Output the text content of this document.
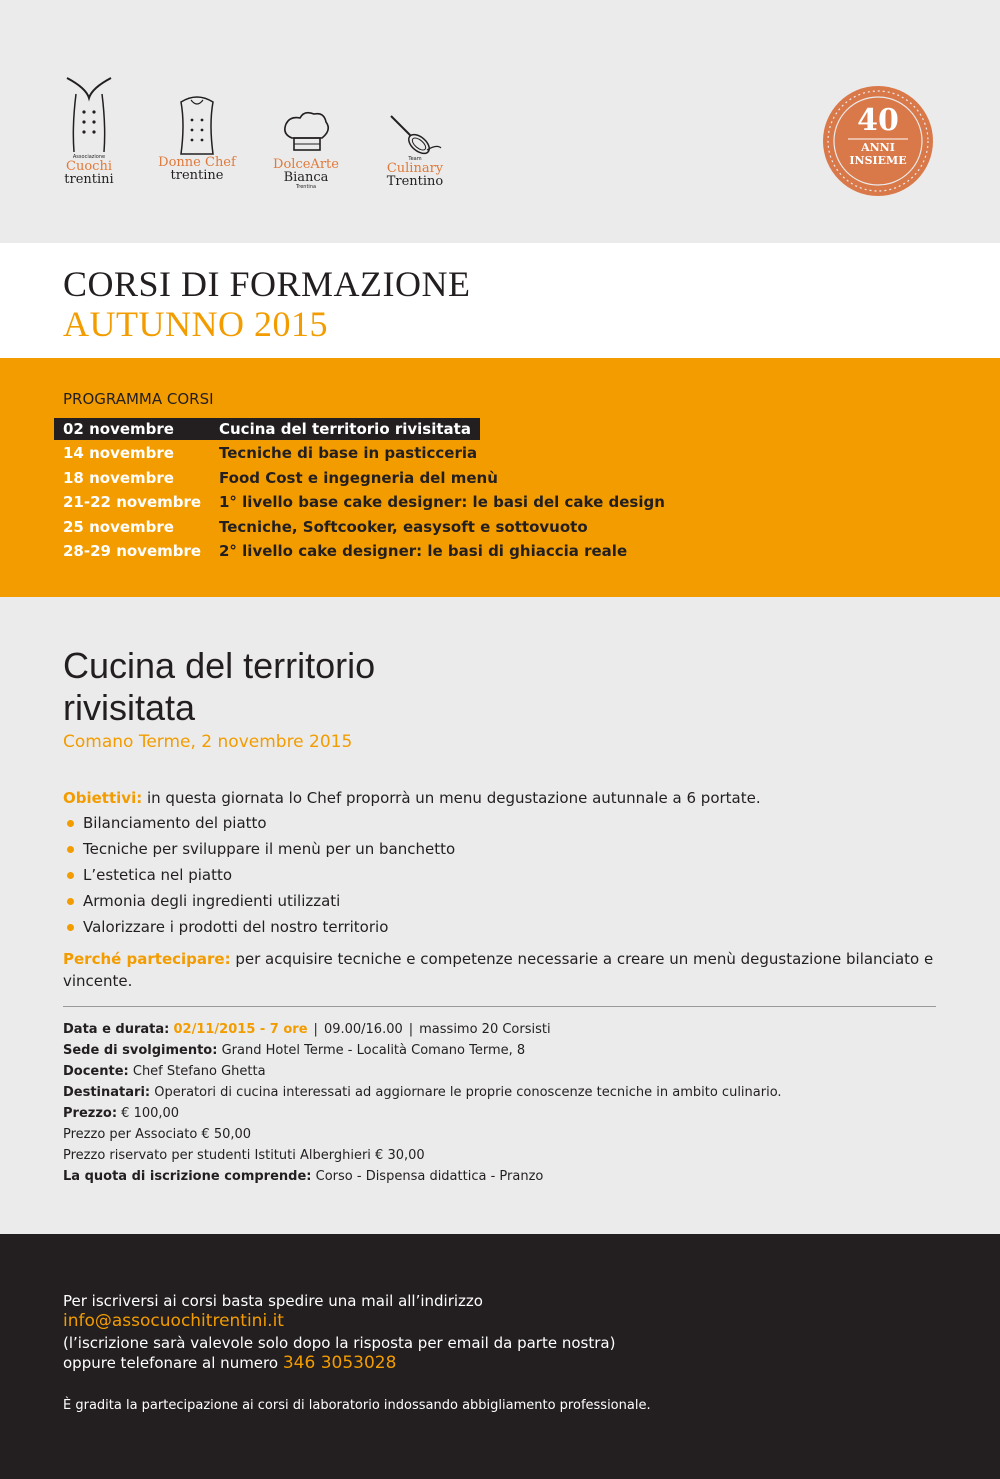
Associazione
Cuochi
trentini
Donne Chef
trentine
DolceArte
Bianca
Trentina
Team
Culinary
Trentino
40
ANNI
INSIEME
CORSI DI FORMAZIONE
AUTUNNO 2015
PROGRAMMA CORSI
02 novembre	Cucina del territorio rivisitata
14 novembre	Tecniche di base in pasticceria
18 novembre	Food Cost e ingegneria del menù
21-22 novembre 1° livello base cake designer: le basi del cake design
25 novembre	Tecniche, Softcooker, easysoft e sottovuoto
28-29 novembre 2° livello cake designer: le basi di ghiaccia reale
Cucina del territorio
rivisitata
Comano Terme, 2 novembre 2015
Obiettivi: in questa giornata lo Chef proporrà un menu degustazione autunnale a 6 portate.
Bilanciamento del piatto
Tecniche per sviluppare il menù per un banchetto
L’estetica nel piatto
Armonia degli ingredienti utilizzati
Valorizzare i prodotti del nostro territorio
Perché partecipare: per acquisire tecniche e competenze necessarie a creare un menù degustazione bilanciato e vincente.
Data e durata: 02/11/2015 - 7 ore | 09.00/16.00 | massimo 20 Corsisti
Sede di svolgimento: Grand Hotel Terme - Località Comano Terme, 8
Docente: Chef Stefano Ghetta
Destinatari: Operatori di cucina interessati ad aggiornare le proprie conoscenze tecniche in ambito culinario.
Prezzo: € 100,00
Prezzo per Associato € 50,00
Prezzo riservato per studenti Istituti Alberghieri € 30,00
La quota di iscrizione comprende: Corso - Dispensa didattica - Pranzo
Per iscriversi ai corsi basta spedire una mail all’indirizzo
info@assocuochitrentini.it
(l’iscrizione sarà valevole solo dopo la risposta per email da parte nostra)
oppure telefonare al numero 346 3053028
È gradita la partecipazione ai corsi di laboratorio indossando abbigliamento professionale.
